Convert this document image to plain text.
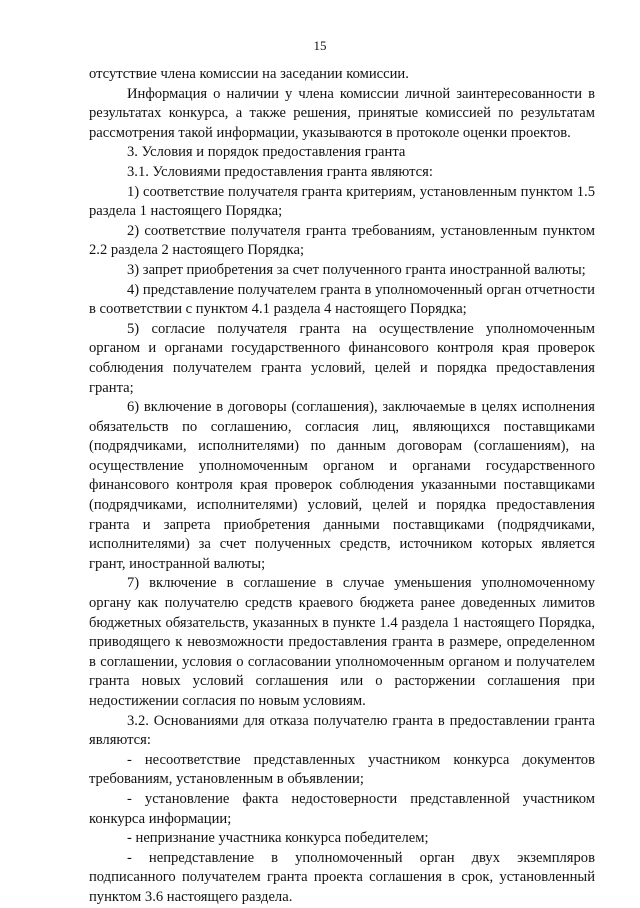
15

отсутствие члена комиссии на заседании комиссии.

Информация о наличии у члена комиссии личной заинтересованности в результатах конкурса, а также решения, принятые комиссией по результатам рассмотрения такой информации, указываются в протоколе оценки проектов.

3. Условия и порядок предоставления гранта

3.1. Условиями предоставления гранта являются:

1) соответствие получателя гранта критериям, установленным пунктом 1.5 раздела 1 настоящего Порядка;

2) соответствие получателя гранта требованиям, установленным пунктом 2.2 раздела 2 настоящего Порядка;

3) запрет приобретения за счет полученного гранта иностранной валюты;

4) представление получателем гранта в уполномоченный орган отчетности в соответствии с пунктом 4.1 раздела 4 настоящего Порядка;

5) согласие получателя гранта на осуществление уполномоченным органом и органами государственного финансового контроля края проверок соблюдения получателем гранта условий, целей и порядка предоставления гранта;

6) включение в договоры (соглашения), заключаемые в целях исполнения обязательств по соглашению, согласия лиц, являющихся поставщиками (подрядчиками, исполнителями) по данным договорам (соглашениям), на осуществление уполномоченным органом и органами государственного финансового контроля края проверок соблюдения указанными поставщиками (подрядчиками, исполнителями) условий, целей и порядка предоставления гранта и запрета приобретения данными поставщиками (подрядчиками, исполнителями) за счет полученных средств, источником которых является грант, иностранной валюты;

7) включение в соглашение в случае уменьшения уполномоченному органу как получателю средств краевого бюджета ранее доведенных лимитов бюджетных обязательств, указанных в пункте 1.4 раздела 1 настоящего Порядка, приводящего к невозможности предоставления гранта в размере, определенном в соглашении, условия о согласовании уполномоченным органом и получателем гранта новых условий соглашения или о расторжении соглашения при недостижении согласия по новым условиям.

3.2. Основаниями для отказа получателю гранта в предоставлении гранта являются:

- несоответствие представленных участником конкурса документов требованиям, установленным в объявлении;

- установление факта недостоверности представленной участником конкурса информации;

- непризнание участника конкурса победителем;

- непредставление в уполномоченный орган двух экземпляров подписанного получателем гранта проекта соглашения в срок, установленный пунктом 3.6 настоящего раздела.
